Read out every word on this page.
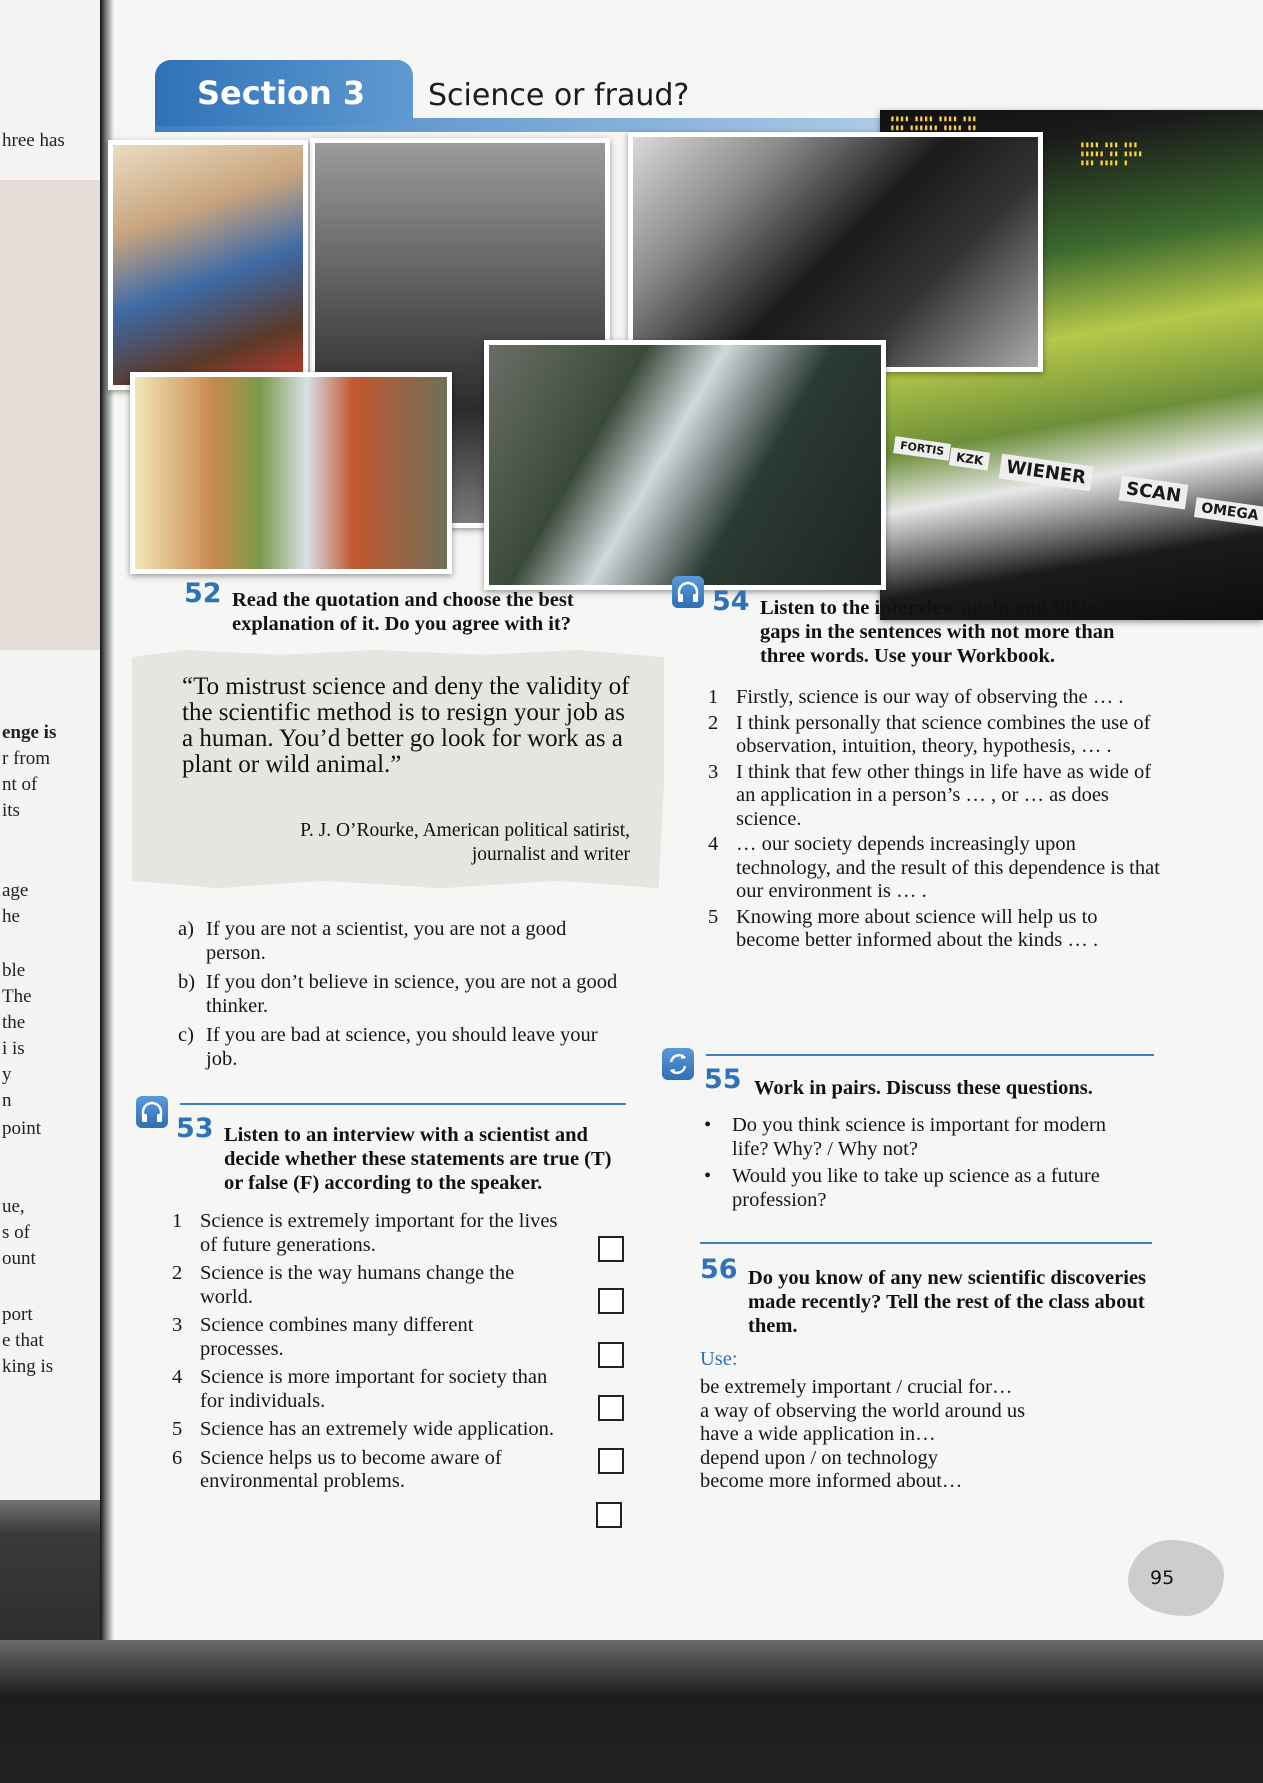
hree has
enge is
r from
nt of
its
age
he
ble
The
the
i is
y
n
point
ue,
s of
ount
port
e that
king is
Section 3	Science or fraud?
▮▮▮▮ ▮▮▮▮ ▮▮▮▮ ▮▮▮
▮▮▮ ▮▮▮▮▮▮ ▮▮▮▮ ▮▮

▮▮▮▮ ▮▮▮ ▮▮▮
▮▮▮▮▮ ▮▮ ▮▮▮▮
▮▮▮ ▮▮▮▮ ▮
WIENER
SCAN
OMEGA
FORTIS
KZK
52 Read the quotation and choose the best explanation of it. Do you agree with it?
“To mistrust science and deny the validity of the scientific method is to resign your job as a human. You’d better go look for work as a plant or wild animal.”
P. J. O’Rourke, American political satirist,
journalist and writer
a) If you are not a scientist, you are not a good person.
b) If you don’t believe in science, you are not a good thinker.
c) If you are bad at science, you should leave your job.
53 Listen to an interview with a scientist and decide whether these statements are true (T) or false (F) according to the speaker.
1 Science is extremely important for the lives of future generations.
2 Science is the way humans change the world.
3 Science combines many different processes.
4 Science is more important for society than for individuals.
5 Science has an extremely wide application.
6 Science helps us to become aware of environmental problems.
54 Listen to the interview again and fill in the gaps in the sentences with not more than three words. Use your Workbook.
1 Firstly, science is our way of observing the … .
2 I think personally that science combines the use of observation, intuition, theory, hypothesis, … .
3 I think that few other things in life have as wide of an application in a person’s … , or … as does science.
4 … our society depends increasingly upon technology, and the result of this dependence is that our environment is … .
5 Knowing more about science will help us to become better informed about the kinds … .
55 Work in pairs. Discuss these questions.
• Do you think science is important for modern life? Why? / Why not?
• Would you like to take up science as a future profession?
56 Do you know of any new scientific discoveries made recently? Tell the rest of the class about them.
Use:
be extremely important / crucial for…
a way of observing the world around us
have a wide application in…
depend upon / on technology
become more informed about…
95
